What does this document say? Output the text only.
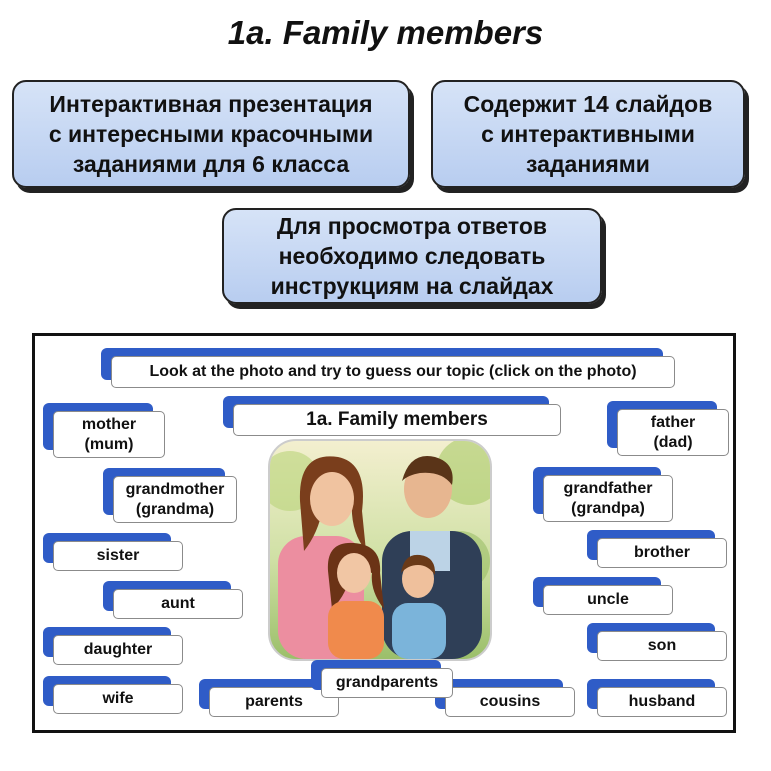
1a. Family members
Интерактивная презентация
с интересными красочными
заданиями для 6 класса
Содержит 14 слайдов
с интерактивными
заданиями
Для просмотра ответов
необходимо следовать
инструкциям на слайдах
Look at the photo and try to guess our topic (click on the photo)
1a. Family members
mother
(mum)
grandmother
(grandma)
sister
aunt
daughter
wife
father
(dad)
grandfather
(grandpa)
brother
uncle
son
husband
parents	cousins
grandparents
